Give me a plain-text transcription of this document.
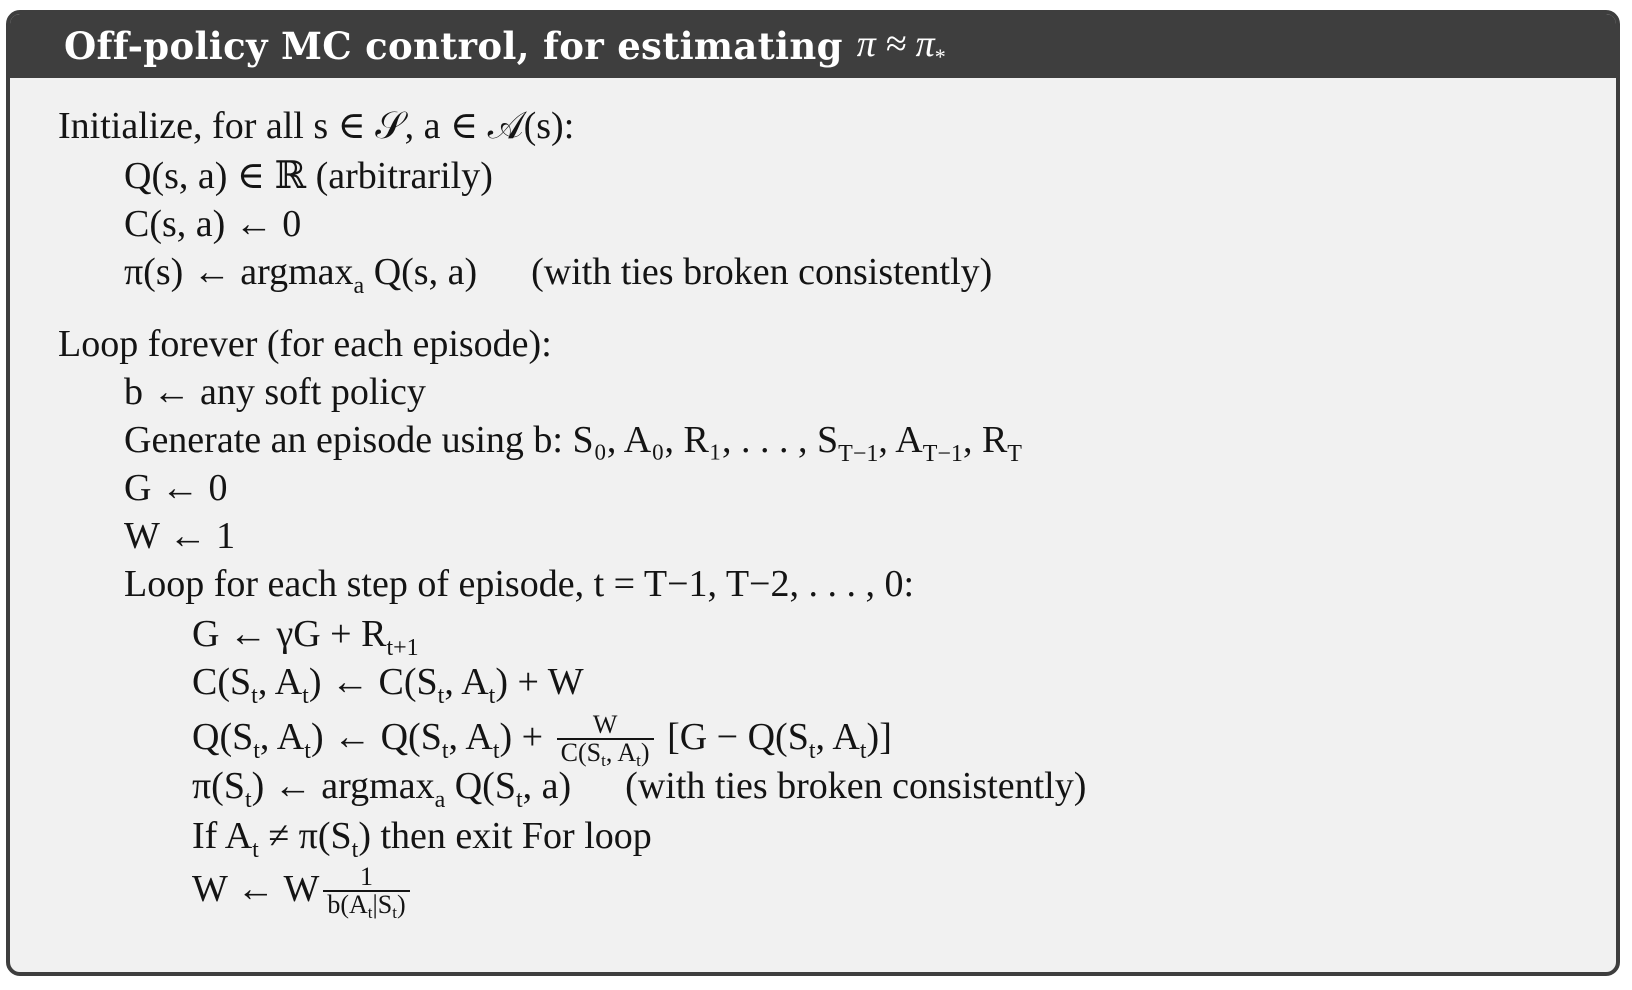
Off-policy MC control, for estimating $\pi \approx \pi_*$
Initialize, for all s ∈ 𝒮, a ∈ 𝒜(s):
Q(s, a) ∈ ℝ (arbitrarily)
C(s, a) ← 0
π(s) ← argmax$_a$ Q(s, a) (with ties broken consistently)
Loop forever (for each episode):
b ← any soft policy
Generate an episode using b: S₀, A₀, R₁, . . . , $S_{T-1}$, $A_{T-1}$, $R_T$
G ← 0
W ← 1
Loop for each step of episode, t = T−1, T−2, . . . , 0:
G ← $\gamma G + R_{t+1}$
$C(S_t$, $A_t$) ← $C(S_t$, $A_t) + W$
$Q(S_t$, $A_t$) ← $Q(S_t$, $A_t) + \frac{W}{C(S_t, A_t)} [G - Q(S_t$, $A_t$)]
$\pi(S_t)$ ← argmax$_a$ $Q(S_t$, a) (with ties broken consistently)
If $A_t \ne \pi(S_t)$ then exit For loop
W ← W $\frac{1}{b(A_t|S_t)}$
